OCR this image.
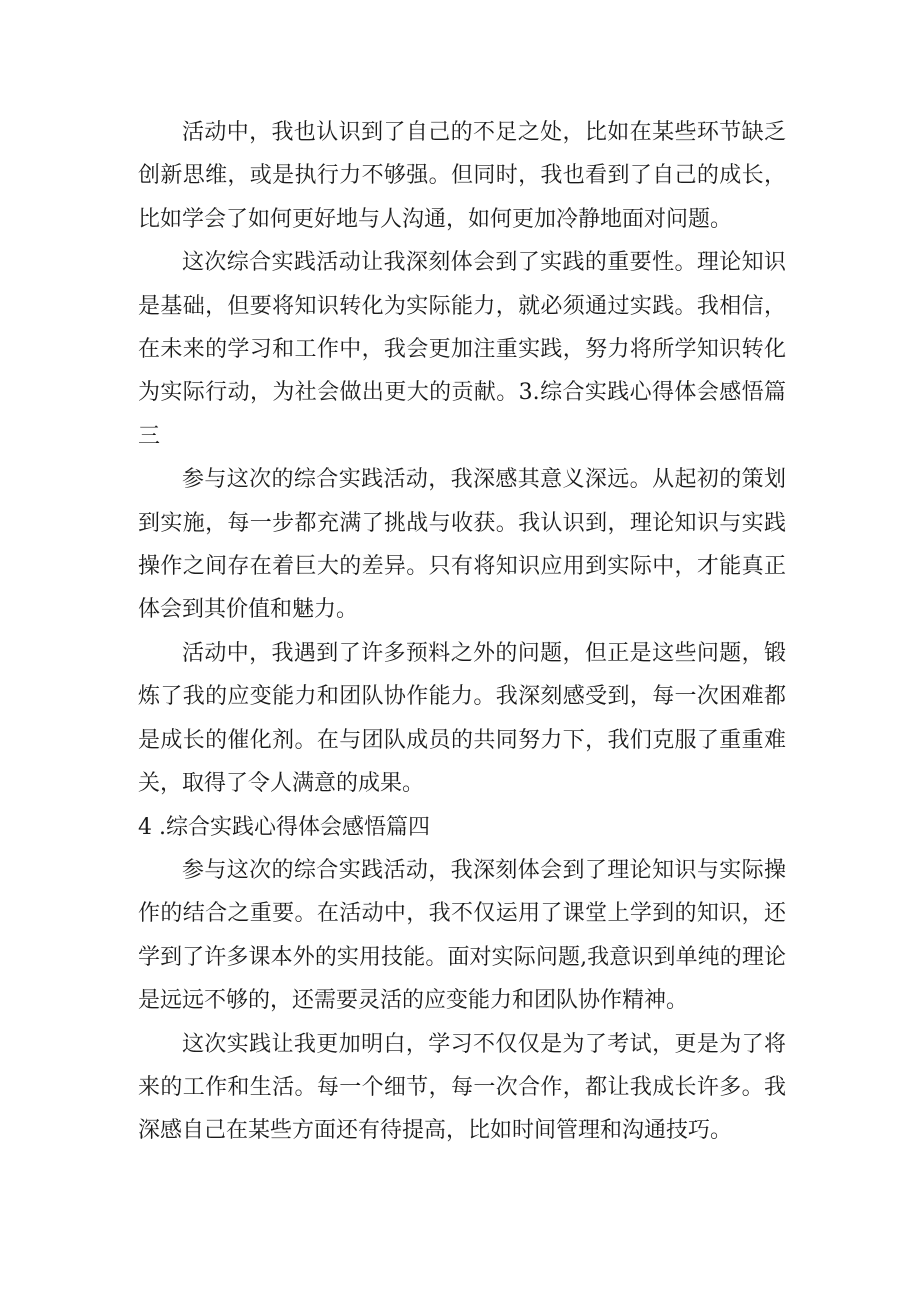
活动中，我也认识到了自己的不足之处，比如在某些环节缺乏创新思维，或是执行力不够强。但同时，我也看到了自己的成长，比如学会了如何更好地与人沟通，如何更加冷静地面对问题。

这次综合实践活动让我深刻体会到了实践的重要性。理论知识是基础，但要将知识转化为实际能力，就必须通过实践。我相信，在未来的学习和工作中，我会更加注重实践，努力将所学知识转化为实际行动，为社会做出更大的贡献。3.综合实践心得体会感悟篇三

参与这次的综合实践活动，我深感其意义深远。从起初的策划到实施，每一步都充满了挑战与收获。我认识到，理论知识与实践操作之间存在着巨大的差异。只有将知识应用到实际中，才能真正体会到其价值和魅力。

活动中，我遇到了许多预料之外的问题，但正是这些问题，锻炼了我的应变能力和团队协作能力。我深刻感受到，每一次困难都是成长的催化剂。在与团队成员的共同努力下，我们克服了重重难关，取得了令人满意的成果。

4 .综合实践心得体会感悟篇四

参与这次的综合实践活动，我深刻体会到了理论知识与实际操作的结合之重要。在活动中，我不仅运用了课堂上学到的知识，还学到了许多课本外的实用技能。面对实际问题,我意识到单纯的理论是远远不够的，还需要灵活的应变能力和团队协作精神。

这次实践让我更加明白，学习不仅仅是为了考试，更是为了将来的工作和生活。每一个细节，每一次合作，都让我成长许多。我深感自己在某些方面还有待提高，比如时间管理和沟通技巧。
